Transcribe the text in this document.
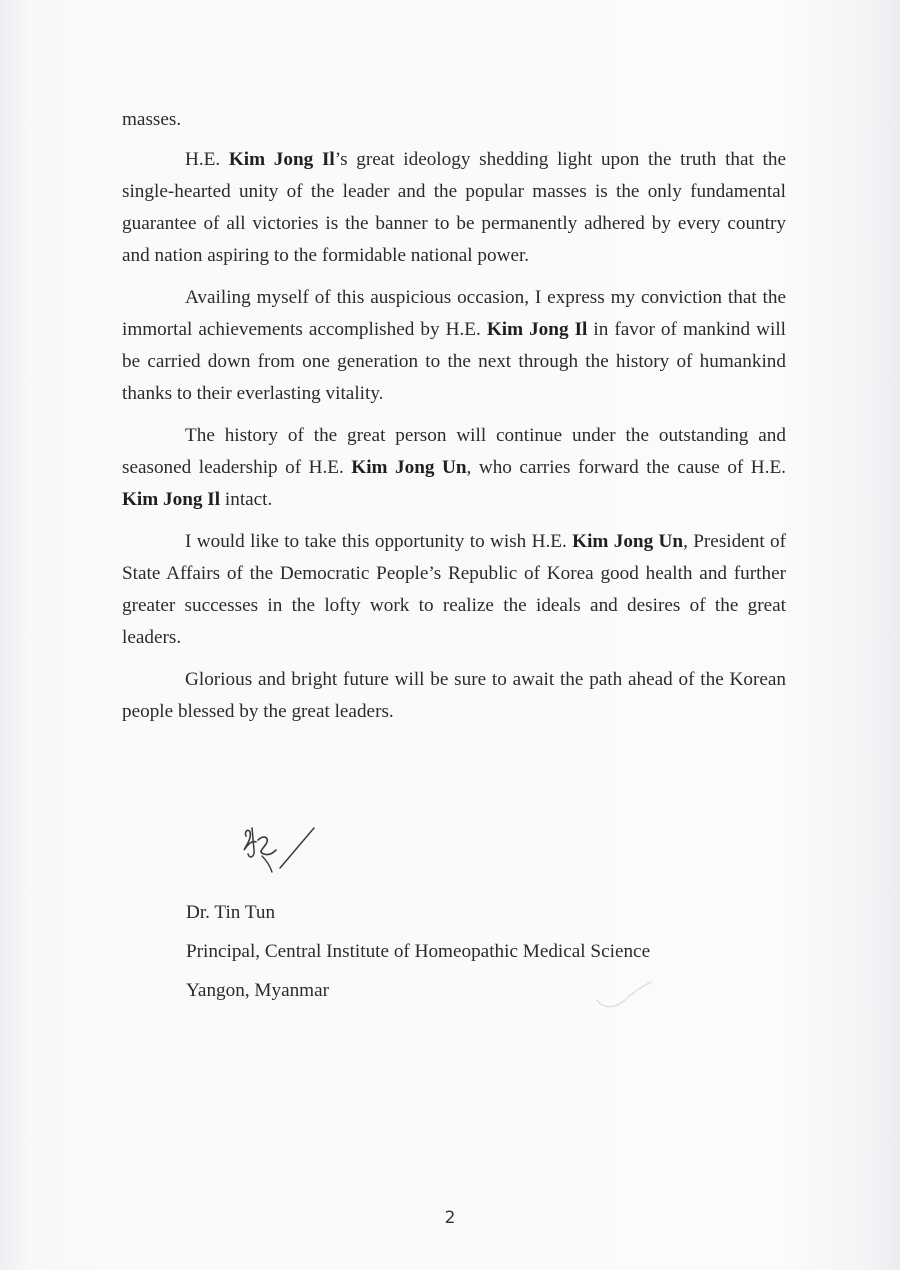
masses.

H.E. Kim Jong Il’s great ideology shedding light upon the truth that the single-hearted unity of the leader and the popular masses is the only fundamental guarantee of all victories is the banner to be permanently adhered by every country and nation aspiring to the formidable national power.

Availing myself of this auspicious occasion, I express my conviction that the immortal achievements accomplished by H.E. Kim Jong Il in favor of mankind will be carried down from one generation to the next through the history of humankind thanks to their everlasting vitality.

The history of the great person will continue under the outstanding and seasoned leadership of H.E. Kim Jong Un, who carries forward the cause of H.E. Kim Jong Il intact.

I would like to take this opportunity to wish H.E. Kim Jong Un, President of State Affairs of the Democratic People’s Republic of Korea good health and further greater successes in the lofty work to realize the ideals and desires of the great leaders.

Glorious and bright future will be sure to await the path ahead of the Korean people blessed by the great leaders.

Dr. Tin Tun
Principal, Central Institute of Homeopathic Medical Science
Yangon, Myanmar
2
